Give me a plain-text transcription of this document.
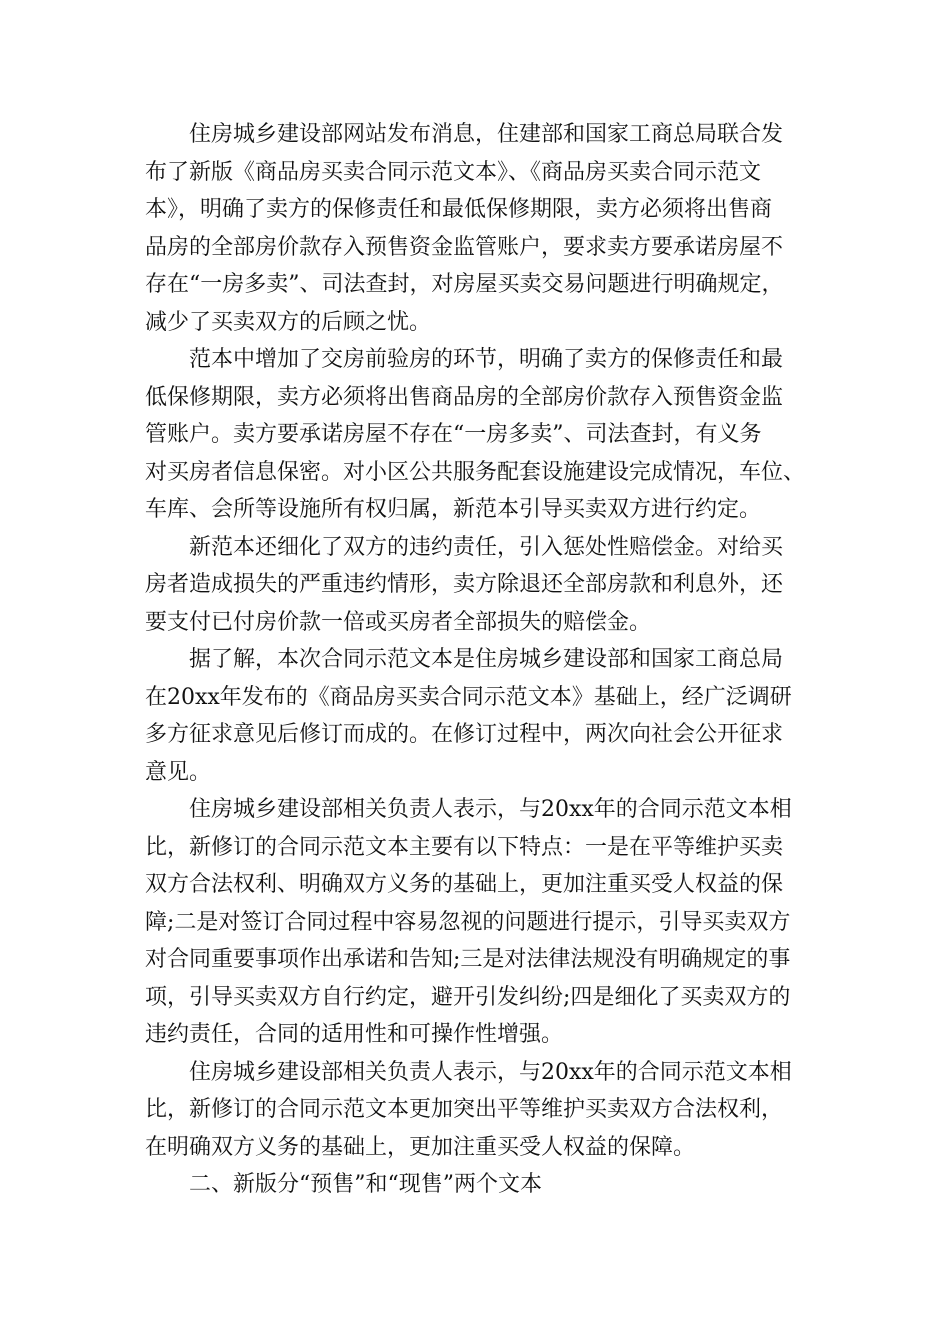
住房城乡建设部网站发布消息，住建部和国家工商总局联合发
布了新版《商品房买卖合同示范文本》、《商品房买卖合同示范文
本》，明确了卖方的保修责任和最低保修期限，卖方必须将出售商
品房的全部房价款存入预售资金监管账户，要求卖方要承诺房屋不
存在“一房多卖”、司法查封，对房屋买卖交易问题进行明确规定，
减少了买卖双方的后顾之忧。

范本中增加了交房前验房的环节，明确了卖方的保修责任和最
低保修期限，卖方必须将出售商品房的全部房价款存入预售资金监
管账户。卖方要承诺房屋不存在“一房多卖”、司法查封，有义务
对买房者信息保密。对小区公共服务配套设施建设完成情况，车位、
车库、会所等设施所有权归属，新范本引导买卖双方进行约定。

新范本还细化了双方的违约责任，引入惩处性赔偿金。对给买
房者造成损失的严重违约情形，卖方除退还全部房款和利息外，还
要支付已付房价款一倍或买房者全部损失的赔偿金。

据了解，本次合同示范文本是住房城乡建设部和国家工商总局
在20xx年发布的《商品房买卖合同示范文本》基础上，经广泛调研
多方征求意见后修订而成的。在修订过程中，两次向社会公开征求
意见。

住房城乡建设部相关负责人表示，与20xx年的合同示范文本相
比，新修订的合同示范文本主要有以下特点：一是在平等维护买卖
双方合法权利、明确双方义务的基础上，更加注重买受人权益的保
障;二是对签订合同过程中容易忽视的问题进行提示，引导买卖双方
对合同重要事项作出承诺和告知;三是对法律法规没有明确规定的事
项，引导买卖双方自行约定，避开引发纠纷;四是细化了买卖双方的
违约责任，合同的适用性和可操作性增强。

住房城乡建设部相关负责人表示，与20xx年的合同示范文本相
比，新修订的合同示范文本更加突出平等维护买卖双方合法权利，
在明确双方义务的基础上，更加注重买受人权益的保障。

二、新版分“预售”和“现售”两个文本
